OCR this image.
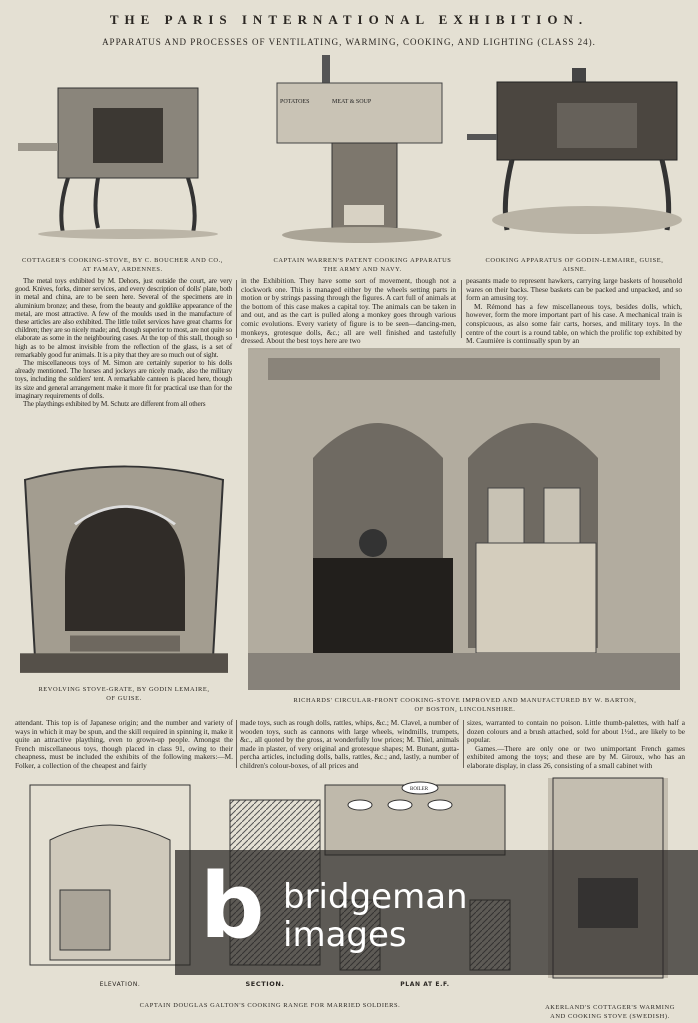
THE PARIS INTERNATIONAL EXHIBITION.
APPARATUS AND PROCESSES OF VENTILATING, WARMING, COOKING, AND LIGHTING (CLASS 24).
POTATOES	MEAT & SOUP
COTTAGER'S COOKING-STOVE, BY C. BOUCHER AND CO.,
AT FAMAY, ARDENNES.
CAPTAIN WARREN'S PATENT COOKING APPARATUS
THE ARMY AND NAVY.
COOKING APPARATUS OF GODIN-LEMAIRE, GUISE,
AISNE.

The metal toys exhibited by M. Dehors, just outside the court, are very good. Knives, forks, dinner services, and every description of dolls' plate, both in metal and china, are to be seen here. Several of the specimens are in aluminium bronze; and these, from the beauty and goldlike appearance of the metal, are most attractive. A few of the moulds used in the manufacture of these articles are also exhibited. The little toilet services have great charms for children; they are so nicely made; and, though superior to most, are not quite so elaborate as some in the neighbouring cases. At the top of this stall, though so high as to be almost invisible from the reflection of the glass, is a set of remarkably good fur animals. It is a pity that they are so much out of sight.

The miscellaneous toys of M. Simon are certainly superior to his dolls already mentioned. The horses and jockeys are nicely made, also the military toys, including the soldiers' tent. A remarkable canteen is placed here, though its size and general arrangement make it more fit for practical use than for the imaginary requirements of dolls.

The playthings exhibited by M. Schutz are different from all others

in the Exhibition. They have some sort of movement, though not a clockwork one. This is managed either by the wheels setting parts in motion or by strings passing through the figures. A cart full of animals at the bottom of this case makes a capital toy. The animals can be taken in and out, and as the cart is pulled along a monkey goes through various comic evolutions. Every variety of figure is to be seen—dancing-men, monkeys, grotesque dolls, &c.; all are well finished and tastefully dressed. About the best toys here are two

peasants made to represent hawkers, carrying large baskets of household wares on their backs. These baskets can be packed and unpacked, and so form an amusing toy.

M. Rémond has a few miscellaneous toys, besides dolls, which, however, form the more important part of his case. A mechanical train is conspicuous, as also some fair carts, horses, and military toys. In the centre of the court is a round table, on which the prolific top exhibited by M. Caumière is continually spun by an

REVOLVING STOVE-GRATE, BY GODIN LEMAIRE,
OF GUISE.	RICHARDS' CIRCULAR-FRONT COOKING-STOVE IMPROVED AND MANUFACTURED BY W. BARTON,
OF BOSTON, LINCOLNSHIRE.

attendant. This top is of Japanese origin; and the number and variety of ways in which it may be spun, and the skill required in spinning it, make it quite an attractive plaything, even to grown-up people. Amongst the French miscellaneous toys, though placed in class 91, owing to their cheapness, must be included the exhibits of the following makers:—M. Folker, a collection of the cheapest and fairly

made toys, such as rough dolls, rattles, whips, &c.; M. Clavel, a number of wooden toys, such as cannons with large wheels, windmills, trumpets, &c., all quoted by the gross, at wonderfully low prices; M. Thiel, animals made in plaster, of very original and grotesque shapes; M. Bunant, gutta-percha articles, including dolls, balls, rattles, &c.; and, lastly, a number of children's colour-boxes, of all prices and

sizes, warranted to contain no poison. Little thumb-palettes, with half a dozen colours and a brush attached, sold for about 1½d., are likely to be popular.

Games.—There are only one or two unimportant French games exhibited among the toys; and these are by M. Giroux, who has an elaborate display, in class 26, consisting of a small cabinet with

BOILER
ELEVATION.	SECTION.	PLAN AT E.F.
CAPTAIN DOUGLAS GALTON'S COOKING RANGE FOR MARRIED SOLDIERS.	AKERLAND'S COTTAGER'S WARMING
AND COOKING STOVE (SWEDISH).
b bridgeman
images
